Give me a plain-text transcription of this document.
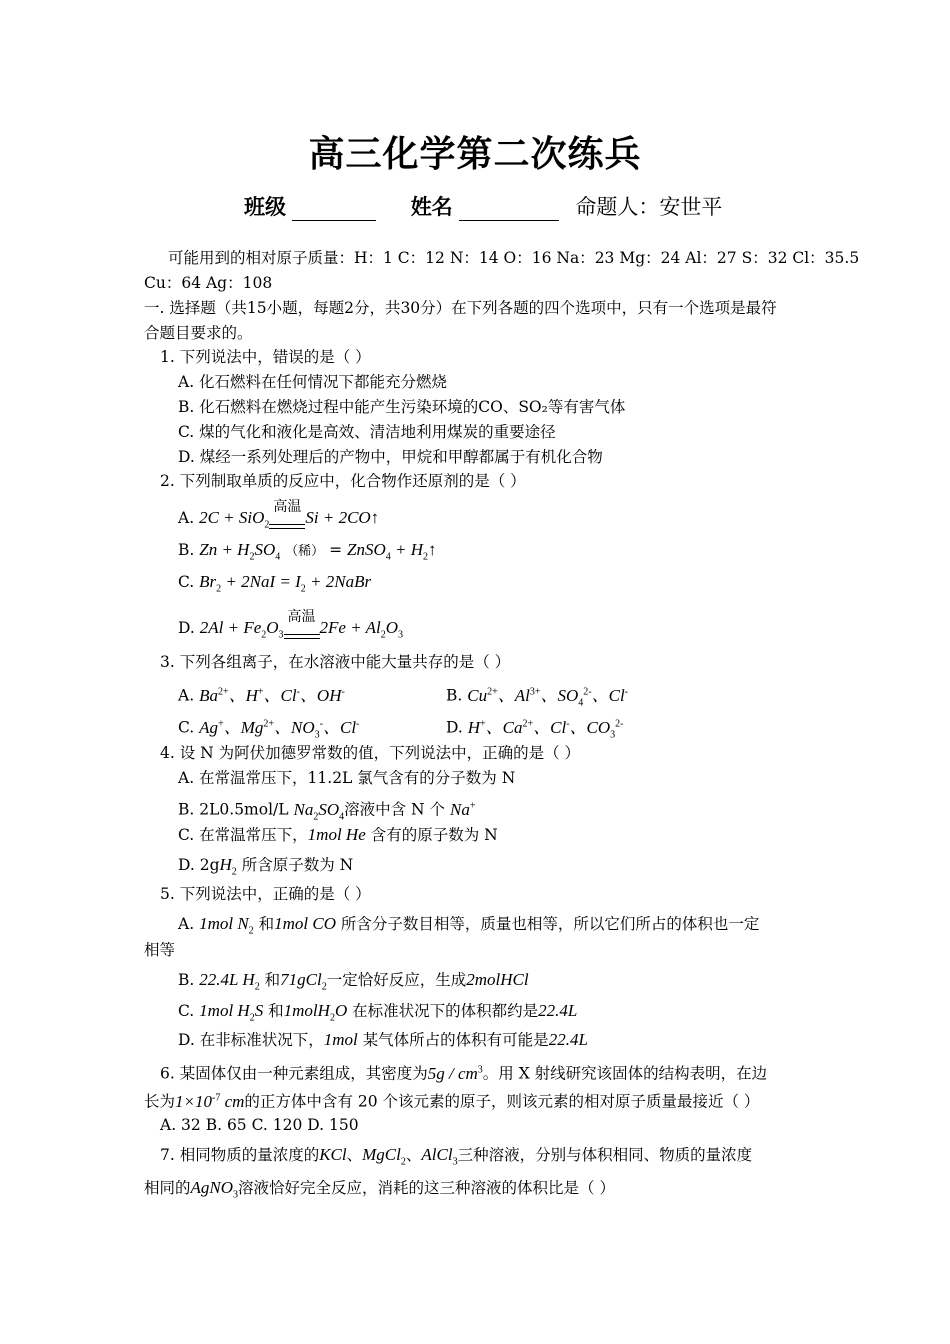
高三化学第二次练兵
班级	姓名	命题人：安世平
可能用到的相对原子质量：H：1 C：12 N：14 O：16 Na：23 Mg：24 Al：27 S：32 Cl：35.5
Cu：64 Ag：108
一. 选择题（共15小题，每题2分，共30分）在下列各题的四个选项中，只有一个选项是最符
合题目要求的。
1. 下列说法中，错误的是（ ）
A. 化石燃料在任何情况下都能充分燃烧
B. 化石燃料在燃烧过程中能产生污染环境的CO、SO₂等有害气体
C. 煤的气化和液化是高效、清洁地利用煤炭的重要途径
D. 煤经一系列处理后的产物中，甲烷和甲醇都属于有机化合物
2. 下列制取单质的反应中，化合物作还原剂的是（ ）
A. 2C + SiO$_2$
高温
Si + 2CO↑
B. $Zn + H_2SO_4$ （稀） = ZnSO$_4$ + $H_2↑$
C. $Br_2 + 2NaI = I_2$ + 2NaBr
D. $2Al + Fe_2O_3$
高温
$2Fe + Al_2O_3$
3. 下列各组离子，在水溶液中能大量共存的是（ ）
A. $Ba^{2+}$、H+、Cl-、OH-	B. $Cu^{2+}$、$Al^{3+}$、$SO_4^{2-}$、Cl-
C. Ag+、$Mg^{2+}$、$NO_3^-$、Cl-	D. H+、$Ca^{2+}$、Cl-、$CO_3^{2-}$
4. 设 N 为阿伏加德罗常数的值，下列说法中，正确的是（ ）
A. 在常温常压下，11.2L 氯气含有的分子数为 N
B. 2L0.5mol/L $Na_2SO_4$溶液中含 N 个 Na+
C. 在常温常压下，1mol He 含有的原子数为 N
D. $2gH_2$ 所含原子数为 N
5. 下列说法中，正确的是（ ）
A. 1mol $N_2$ 和1mol CO 所含分子数目相等，质量也相等，所以它们所占的体积也一定
相等
B. 22.4L $H_2$ 和71gCl$_2$一定恰好反应，生成2molHCl
C. 1mol $H_2S$ 和1molH$_2$O 在标准状况下的体积都约是22.4L
D. 在非标准状况下，1mol 某气体所占的体积有可能是22.4L
6. 某固体仅由一种元素组成，其密度为$5g / cm^3$。用 X 射线研究该固体的结构表明，在边
长为$1\times 10^{-7}$ cm的正方体中含有 20 个该元素的原子，则该元素的相对原子质量最接近（ ）
A. 32 B. 65 C. 120 D. 150
7. 相同物质的量浓度的KCl、MgCl$_2$、AlCl$_3$三种溶液，分别与体积相同、物质的量浓度
相同的AgNO$_3$溶液恰好完全反应，消耗的这三种溶液的体积比是（ ）
